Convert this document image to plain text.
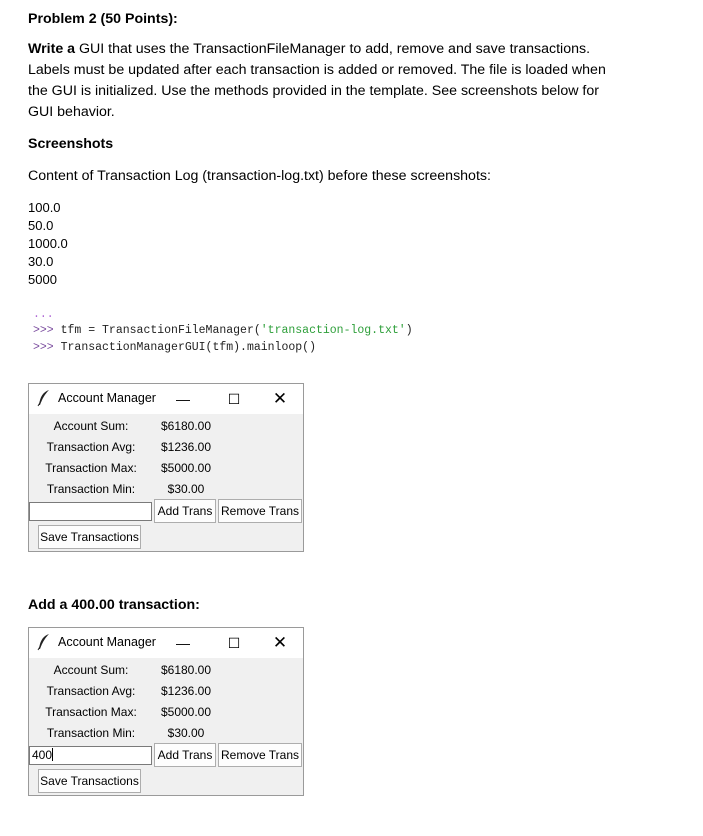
Problem 2 (50 Points):
Write a GUI that uses the TransactionFileManager to add, remove and save transactions.
Labels must be updated after each transaction is added or removed. The file is loaded when
the GUI is initialized. Use the methods provided in the template. See screenshots below for
GUI behavior.
Screenshots
Content of Transaction Log (transaction-log.txt) before these screenshots:
100.0
50.0
1000.0
30.0
5000
...
>>> tfm = TransactionFileManager('transaction-log.txt')
>>> TransactionManagerGUI(tfm).mainloop()
Account Manager	—	☐	✕
Account Sum:	$6180.00
Transaction Avg:	$1236.00
Transaction Max:	$5000.00
Transaction Min:	$30.00
Add Trans Remove Trans
Save Transactions
Add a 400.00 transaction:
Account Manager	—	☐	✕
Account Sum:	$6180.00
Transaction Avg:	$1236.00
Transaction Max:	$5000.00
Transaction Min:	$30.00
400	Add Trans Remove Trans
Save Transactions
